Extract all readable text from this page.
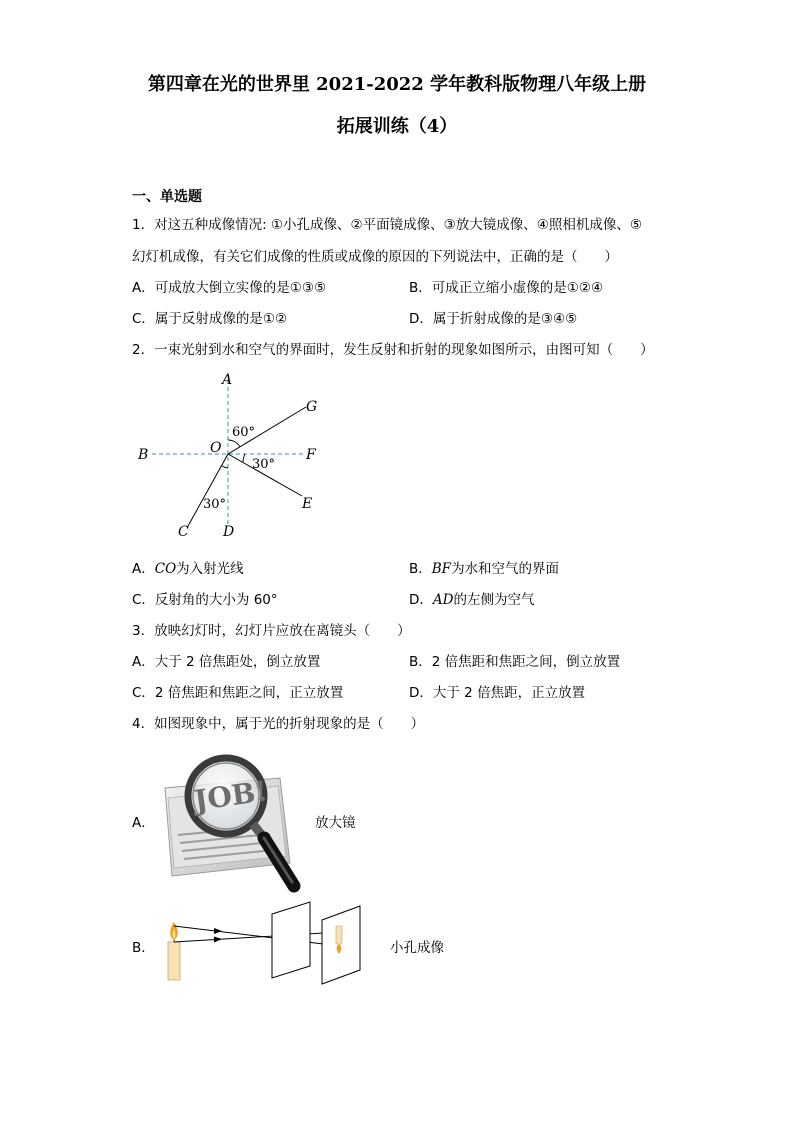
第四章在光的世界里 2021-2022 学年教科版物理八年级上册
拓展训练（4）
一、单选题
1．对这五种成像情况: ①小孔成像、②平面镜成像、③放大镜成像、④照相机成像、⑤
幻灯机成像，有关它们成像的性质或成像的原因的下列说法中，正确的是（　　）
A．可成放大倒立实像的是①③⑤	B．可成正立缩小虚像的是①②④
C．属于反射成像的是①②	D．属于折射成像的是③④⑤
2．一束光射到水和空气的界面时，发生反射和折射的现象如图所示，由图可知（　　）
A
G
60°
O
B	F
30°
E
30°
C D
A．CO为入射光线	B．BF为水和空气的界面
C．反射角的大小为 60°	D．AD的左侧为空气
3．放映幻灯时，幻灯片应放在离镜头（　　）
A．大于 2 倍焦距处，倒立放置	B．2 倍焦距和焦距之间，倒立放置
C．2 倍焦距和焦距之间，正立放置	D．大于 2 倍焦距，正立放置
4．如图现象中，属于光的折射现象的是（　　）
A．
JOB!
放大镜
B．	小孔成像
